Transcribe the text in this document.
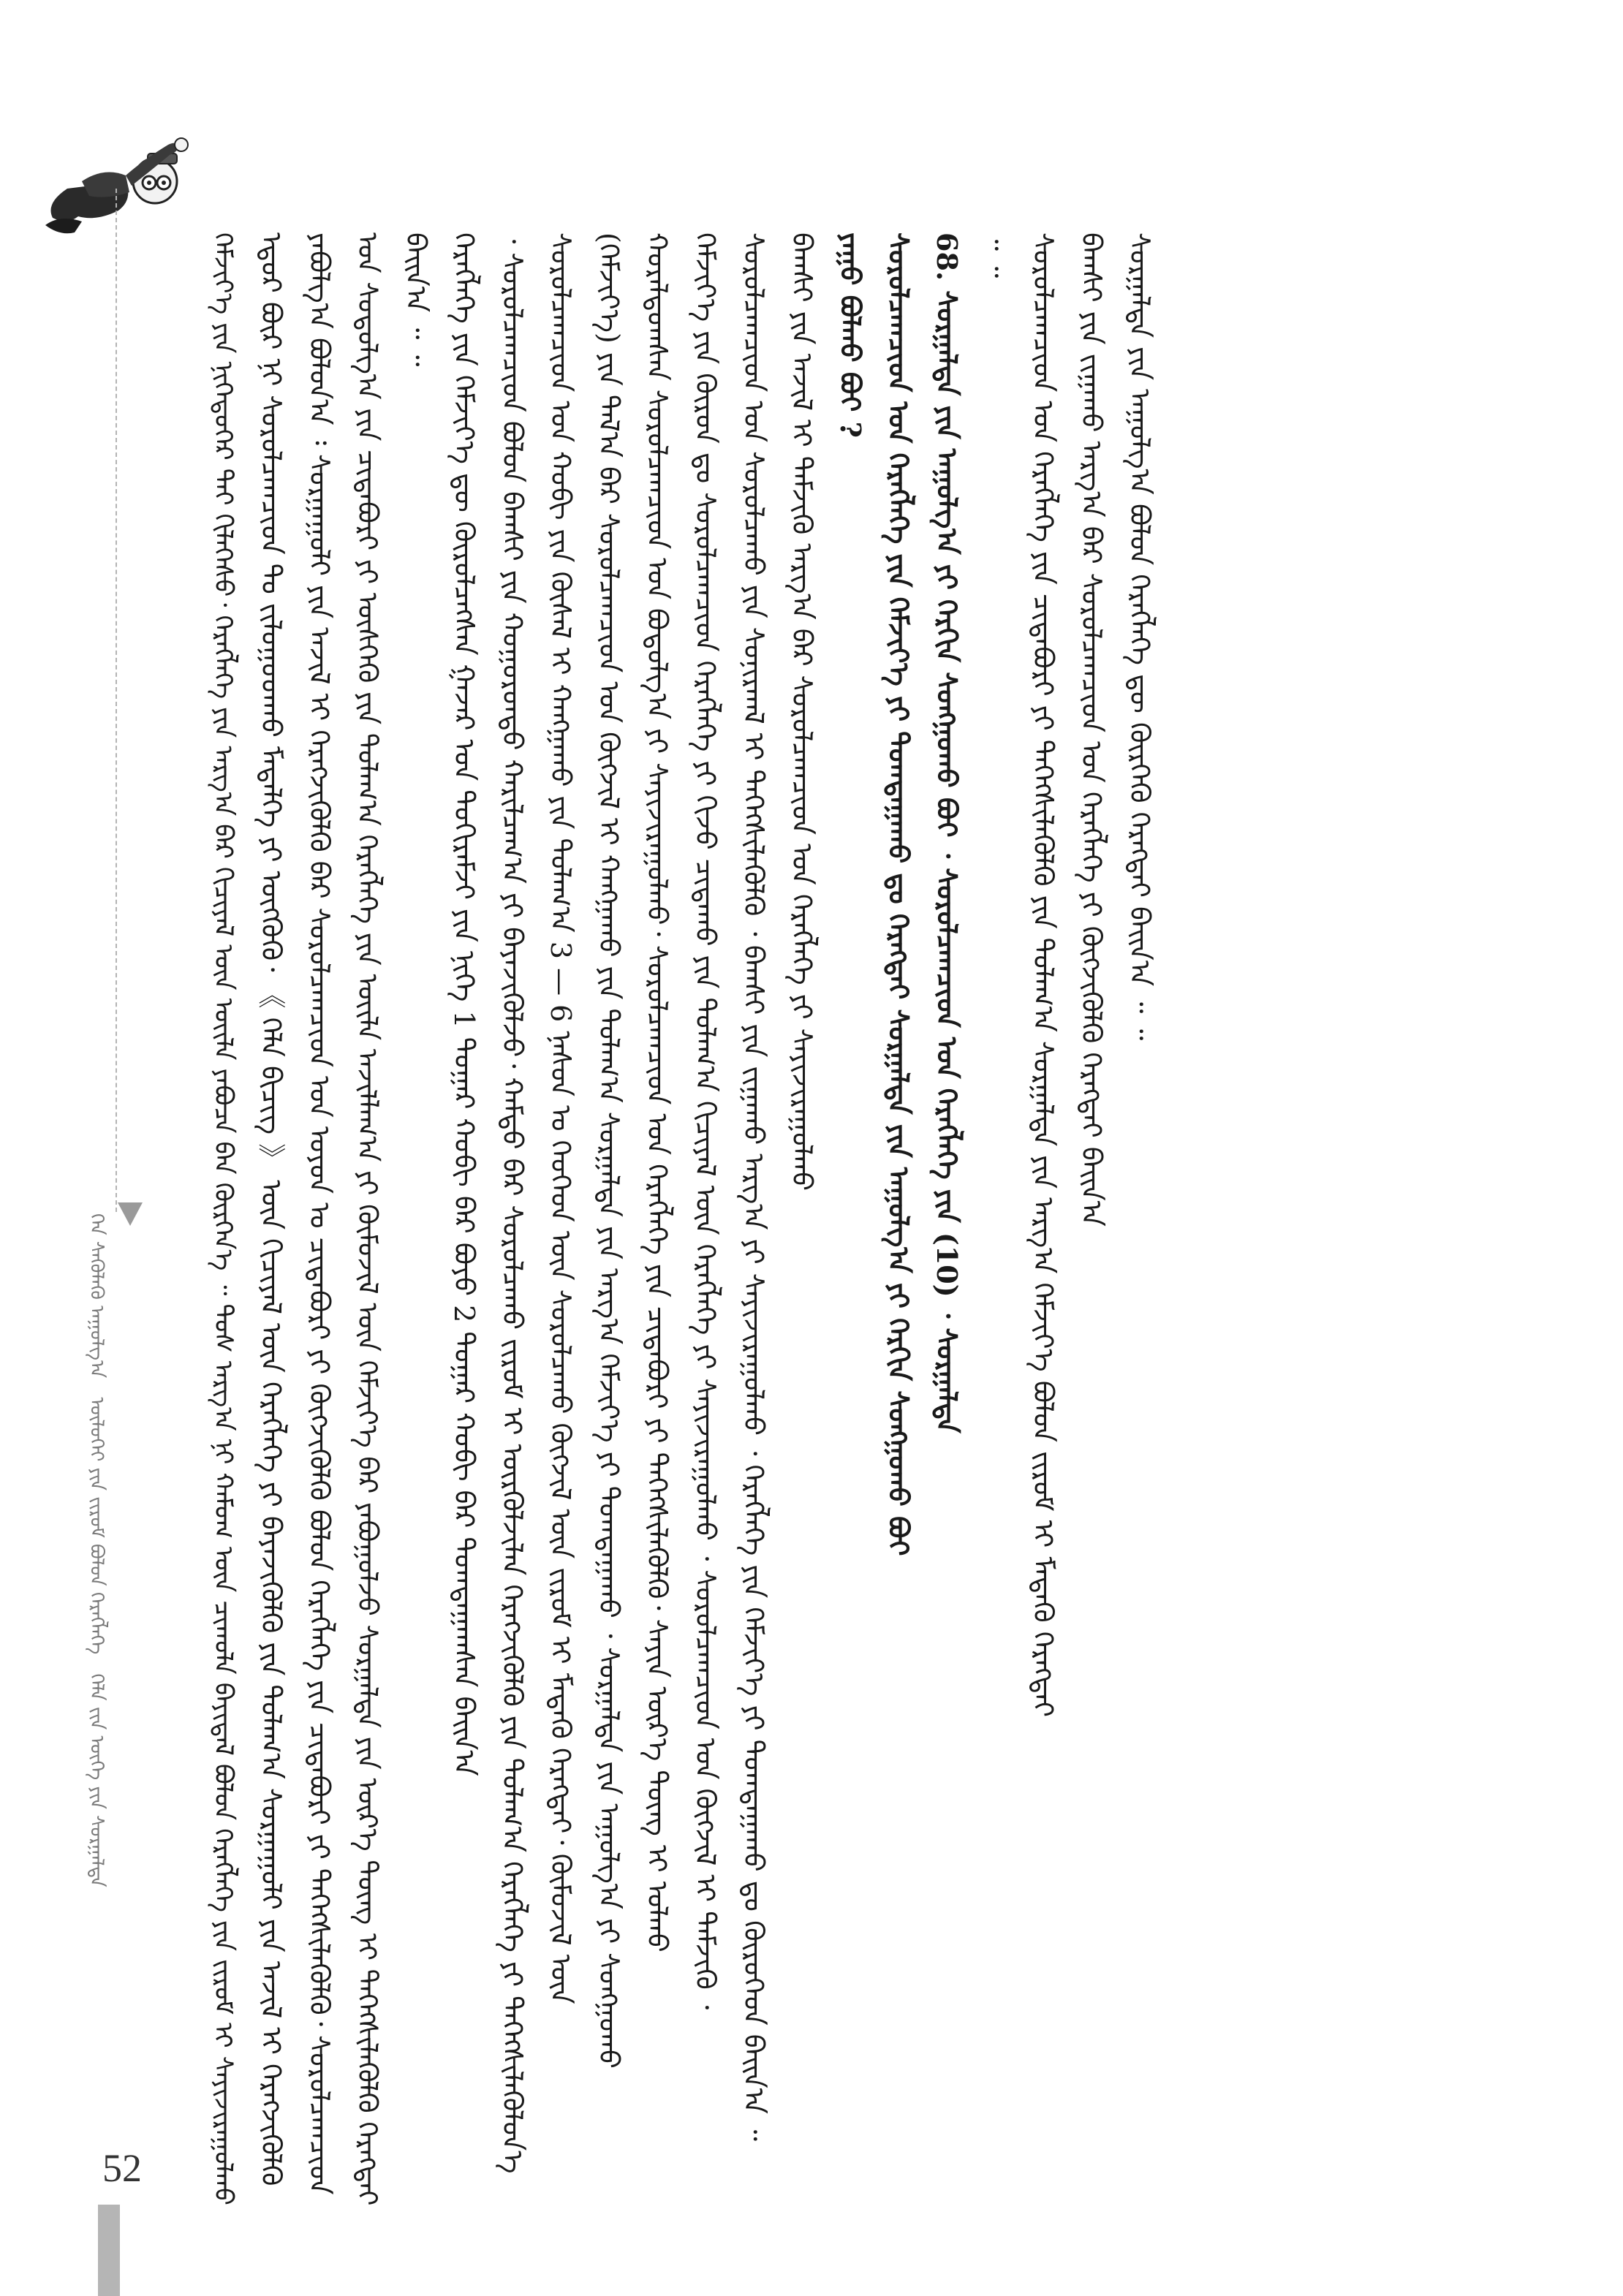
ᠬᠡᠨ ᠰᠡᠬᠦᠯᠡᠬᠦ ᠠᠭᠤᠯᠭ᠎ᠠ ᠥᠯᠦᠭᠡᠢ ᠶᠢᠨ ᠵᠢᠷᠤᠮ ᠪᠤᠯᠤᠨ ᠬᠡᠷᠡᠭᠯᠡᠭᠡ ᠬᠡᠯᠡ ᠵᠢᠨ ᠦᠭᠡ ᠶᠢᠨ ᠰᠤᠷᠭᠠᠯᠳᠠ	ᠬᠡᠮᠵᠢᠶ᠎ᠡ ᠶᠢᠨ ᠨᠢᠭᠡᠳᠦᠭᠡᠷ ᠲᠡᠢ ᠬᠢᠯᠡᠭᠡᠰᠦ᠂ ᠬᠡᠷᠡᠭᠯᠡᠭᠡ ᠶᠢᠨ ᠠᠷᠭ᠎ᠠ ᠪᠠᠷ ᠬᠢᠴᠢᠶᠡᠯ ᠦᠨ ᠦᠢᠯᠡ ᠶᠠᠪᠤᠴᠠ ᠪᠠᠨ ᠬᠦᠷᠭᠡᠨ᠎ᠡ ᠃ ᠲᠤᠰ ᠠᠷᠭ᠎ᠠ ᠨᠢ ᠬᠠᠮᠤᠭ ᠦᠨ ᠴᠢᠬᠤᠯᠠ ᠪᠠᠶᠢᠳᠠᠯ ᠪᠣᠯᠤᠨ ᠬᠡᠷᠡᠭᠯᠡᠭᠡ ᠶᠢᠨ ᠵᠢᠷᠤᠮ ᠢ ᠰᠠᠶᠢᠵᠢᠷᠠᠭᠤᠯᠬᠤ ᠡᠳᠦᠷ ᠪᠦᠷ ᠨᠢ ᠰᠤᠷᠤᠯᠴᠠᠭᠴᠢᠳ ᠲᠤ ᠵᠢᠯᠤᠭᠤᠳᠬᠤ ᠮᠡᠳᠡᠯᠭᠡ ᠶᠢ ᠥᠭᠭᠦᠬᠦ᠂ 《 ᠬᠡᠯᠡ ᠪᠢᠴᠢᠭ 》 ᠦᠨ ᠬᠢᠴᠢᠶᠡᠯ ᠦᠨ ᠬᠡᠷᠡᠭᠯᠡᠭᠡ ᠶᠢ ᠪᠡᠶᠡᠵᠢᠭᠦᠯᠬᠦ ᠶᠢᠨ ᠲᠤᠯᠠᠭ᠎ᠠ ᠰᠤᠷᠭᠠᠭᠤᠯᠢ ᠶᠢᠨ ᠠᠵᠢᠯ ᠢ ᠬᠡᠷᠡᠭᠵᠢᠭᠦᠯᠬᠦ ᠶᠠᠪᠤᠯᠭ᠎ᠠ ᠪᠤᠯᠤᠨ᠎ᠠ ᠄ ᠰᠤᠷᠭᠠᠭᠤᠯᠢ ᠶᠢᠨ ᠠᠵᠢᠯ ᠢ ᠬᠡᠷᠡᠭᠵᠢᠭᠦᠯᠬᠦ ᠪᠡᠷ ᠰᠤᠷᠤᠯᠴᠠᠭᠴᠢᠳ ᠤᠨ ᠤᠶᠤᠨ ᠤ ᠴᠢᠳᠠᠪᠤᠷᠢ ᠶᠢ ᠬᠥᠭᠵᠢᠭᠦᠯᠬᠦ ᠪᠤᠯᠤᠨ ᠬᠡᠷᠡᠭᠯᠡᠭᠡ ᠶᠢᠨ ᠴᠢᠳᠠᠪᠤᠷᠢ ᠶᠢ ᠳᠡᠭᠡᠭᠰᠢᠯᠡᠭᠦᠯᠬᠦ᠂ ᠰᠤᠷᠤᠯᠴᠠᠭᠴᠢᠳ ᠤᠨ ᠰᠤᠳᠤᠯᠭ᠎ᠠ ᠶᠢᠨ ᠴᠢᠳᠠᠪᠤᠷᠢ ᠶᠢ ᠥᠰᠬᠡᠬᠦ ᠶᠢᠨ ᠲᠤᠯᠠᠭ᠎ᠠ ᠬᠡᠷᠡᠭᠯᠡᠭᠡ ᠶᠢᠨ ᠦᠢᠯᠡ ᠠᠵᠢᠯᠯᠠᠭ᠎ᠠ ᠶᠢ ᠬᠦᠮᠦᠵᠢᠯ ᠦᠨ ᠬᠡᠮᠵᠢᠶ᠎ᠡ ᠪᠡᠷ ᠶᠠᠪᠤᠭᠤᠯᠵᠤ ᠰᠤᠷᠭᠠᠯᠳᠠ ᠶᠢᠨ ᠦᠷ᠎ᠡ ᠳᠦᠩ ᠢ ᠳᠡᠭᠡᠭᠰᠢᠯᠡᠭᠦᠯᠬᠦ ᠬᠡᠷᠡᠭᠲᠡᠢ ᠪᠠᠢᠨ᠎ᠠ ᠃ ᠃ ᠬᠡᠷᠡᠭᠯᠡᠭᠡ ᠶᠢᠨ ᠬᠡᠮᠵᠢᠶ᠎ᠡ ᠳᠦ ᠬᠦᠷᠦᠯᠴᠡᠭᠰᠡᠨ ᠭᠠᠵᠠᠷ ᠤᠨ ᠲᠣᠬᠢᠷᠠᠮᠵᠢ ᠶᠢᠨ ᠨᠢᠭᠡ 1 ᠳᠤᠭᠠᠷ ᠬᠤᠪᠢ ᠪᠠᠷ ᠪᠤᠶᠤ 2 ᠳᠤᠭᠠᠷ ᠬᠤᠪᠢ ᠪᠠᠷ ᠲᠣᠭᠲᠠᠭᠠᠭᠰᠠᠨ ᠪᠠᠢᠨ᠎ᠠ ᠂ ᠰᠤᠷᠤᠯᠴᠠᠭᠴᠢᠳ ᠪᠤᠯᠤᠨ ᠪᠠᠭᠰᠢ ᠶᠢᠨ ᠬᠤᠭᠤᠷᠤᠨᠳᠤ ᠬᠠᠷᠢᠯᠴᠠᠭ᠎ᠠ ᠶᠢ ᠪᠡᠶᠡᠵᠢᠭᠦᠯᠵᠦ᠂ ᠬᠠᠮᠲᠤ ᠪᠡᠷ ᠰᠤᠷᠤᠯᠴᠠᠬᠤ ᠵᠢᠷᠤᠮ ᠢ ᠦᠷᠭᠦᠯᠵᠢᠯᠡᠨ ᠬᠡᠷᠡᠭᠵᠢᠭᠦᠯᠬᠦ ᠶᠢᠨ ᠲᠤᠯᠠᠭ᠎ᠠ ᠬᠡᠷᠡᠭᠯᠡᠭᠡ ᠶᠢ ᠳᠡᠭᠡᠭᠰᠢᠯᠡᠭᠦᠯᠦᠨ᠎ᠡ ᠰᠤᠷᠤᠯᠴᠠᠭᠴᠢᠳ ᠤᠨ ᠬᠤᠪᠢ ᠶᠢᠨ ᠬᠦᠰᠡᠯ ᠢ ᠬᠠᠩᠭᠠᠬᠤ ᠶᠢᠨ ᠲᠤᠯᠠᠭ᠎ᠠ 3 — 6 ᠨᠠᠰᠤᠨ ᠤ ᠬᠡᠦᠬᠡᠳ ᠦᠨ ᠰᠤᠷᠤᠯᠴᠠᠬᠤ ᠬᠥᠭᠵᠢᠯ ᠦᠨ ᠵᠢᠷᠤᠮ ᠢ ᠮᠡᠳᠡᠬᠦ ᠬᠡᠷᠡᠭᠲᠡᠢ᠂ ᠬᠦᠮᠦᠵᠢᠯ ᠦᠨ (ᠬᠡᠮᠵᠢᠶ᠎ᠡ) ᠶᠢᠨ ᠲᠠᠯ᠎ᠠ ᠪᠠᠷ ᠰᠤᠷᠤᠯᠴᠠᠭᠴᠢᠳ ᠤᠨ ᠬᠥᠭᠵᠢᠯ ᠢ ᠬᠠᠩᠭᠠᠬᠤ ᠶᠢᠨ ᠲᠤᠯᠠᠭ᠎ᠠ ᠰᠤᠷᠭᠠᠯᠳᠠ ᠶᠢᠨ ᠠᠷᠭ᠎ᠠ ᠬᠡᠮᠵᠢᠶ᠎ᠡ ᠶᠢ ᠲᠣᠭᠲᠠᠭᠠᠬᠤ ᠂ ᠰᠤᠷᠭᠠᠯᠳᠠ ᠶᠢᠨ ᠠᠭᠤᠯᠭ᠎ᠠ ᠶᠢ ᠰᠣᠩᠭᠣᠬᠤ ᠬᠤᠷᠠᠯᠳᠤᠭᠰᠠᠨ ᠰᠤᠷᠤᠯᠴᠠᠭᠴᠢᠳ ᠤᠨ ᠪᠣᠳᠤᠯᠭ᠎ᠠ ᠶᠢ ᠰᠠᠶᠢᠵᠢᠷᠠᠭᠤᠯᠬᠤ᠂ ᠰᠤᠷᠤᠯᠴᠠᠭᠴᠢᠳ ᠤᠨ ᠬᠡᠷᠡᠭᠯᠡᠭᠡ ᠶᠢᠨ ᠴᠢᠳᠠᠪᠤᠷᠢ ᠶᠢ ᠳᠡᠭᠡᠭᠰᠢᠯᠡᠭᠦᠯᠬᠦ᠂ ᠰᠠᠶᠢᠨ ᠦᠷ᠎ᠡ ᠳᠦᠩ ᠢ ᠣᠯᠬᠤ ᠬᠡᠮᠵᠢᠶ᠎ᠡ ᠶᠢᠨ ᠬᠦᠷᠦᠨ ᠳᠤ ᠰᠤᠷᠤᠯᠴᠠᠭᠴᠢᠳ ᠬᠡᠷᠡᠭᠯᠡᠭᠡ ᠶᠢ ᠬᠢᠵᠦ ᠴᠢᠳᠠᠬᠤ ᠶᠢᠨ ᠲᠤᠯᠠᠭ᠎ᠠ ᠬᠢᠴᠢᠶᠡᠯ ᠦᠨ ᠬᠡᠷᠡᠭᠯᠡᠭᠡ ᠶᠢ ᠰᠠᠶᠢᠵᠢᠷᠠᠭᠤᠯᠬᠤ ᠂ ᠰᠤᠷᠤᠯᠴᠠᠭᠴᠢᠳ ᠤᠨ ᠬᠥᠭᠵᠢᠯ ᠢ ᠳᠡᠮᠵᠢᠬᠦ ᠂ ᠰᠤᠷᠤᠯᠴᠠᠭᠴᠢᠳ ᠤᠨ ᠰᠤᠷᠤᠯᠴᠠᠬᠤ ᠶᠢᠨ ᠰᠣᠨᠢᠷᠬᠠᠯ ᠢ ᠳᠡᠭᠡᠭᠰᠢᠯᠡᠭᠦᠯᠬᠦ ᠂ ᠪᠠᠭᠰᠢ ᠶᠢᠨ ᠵᠢᠭᠠᠬᠤ ᠠᠷᠭ᠎ᠠ ᠶᠢ ᠰᠠᠶᠢᠵᠢᠷᠠᠭᠤᠯᠬᠤ ᠂ ᠬᠡᠷᠡᠭᠯᠡᠭᠡ ᠶᠢᠨ ᠬᠡᠮᠵᠢᠶ᠎ᠡ ᠶᠢ ᠲᠣᠭᠲᠠᠭᠠᠬᠤ ᠳᠤ ᠬᠦᠷᠦᠭᠡᠳ ᠪᠠᠢᠨ᠎ᠠ ᠃ ᠪᠠᠭᠰᠢ ᠶᠢᠨ ᠠᠵᠢᠯ ᠢ ᠳᠡᠮᠵᠢᠬᠦ ᠠᠷᠭ᠎ᠠ ᠪᠠᠷ ᠰᠤᠷᠤᠯᠴᠠᠭᠴᠢᠳ ᠤᠨ ᠬᠡᠷᠡᠭᠯᠡᠭᠡ ᠶᠢ ᠰᠠᠶᠢᠵᠢᠷᠠᠭᠤᠯᠬᠤ ᠶᠠᠭᠤ ᠪᠣᠯᠬᠤ ᠪᠤᠢ ? ᠰᠤᠷᠤᠯᠴᠠᠭᠴᠢᠳ ᠤᠨ ᠬᠡᠷᠡᠭᠯᠡᠭᠡ ᠶᠢᠨ ᠬᠡᠮᠵᠢᠶ᠎ᠡ ᠶᠢ ᠲᠣᠭᠲᠠᠭᠠᠬᠤ ᠳᠤ ᠬᠡᠷᠡᠭᠲᠡᠢ ᠰᠤᠷᠭᠠᠯᠳᠠ ᠶᠢᠨ ᠠᠭᠤᠯᠭ᠎ᠠ ᠶᠢ ᠬᠡᠷᠬᠢᠨ ᠰᠣᠩᠭᠣᠬᠤ ᠪᠤᠢ 68. ᠰᠤᠷᠭᠠᠯᠳᠠ ᠶᠢᠨ ᠠᠭᠤᠯᠭ᠎ᠠ ᠶᠢ ᠬᠡᠷᠬᠢᠨ ᠰᠣᠩᠭᠣᠬᠤ ᠪᠤᠢ ᠂ ᠰᠤᠷᠤᠯᠴᠠᠭᠴᠢᠳ ᠤᠨ ᠬᠡᠷᠡᠭᠯᠡᠭᠡ ᠶᠢᠨ (10) ᠂ ᠰᠤᠷᠭᠠᠯᠳᠠ ᠃ ᠃ ᠰᠤᠷᠤᠯᠴᠠᠭᠴᠢᠳ ᠤᠨ ᠬᠡᠷᠡᠭᠯᠡᠭᠡ ᠶᠢᠨ ᠴᠢᠳᠠᠪᠤᠷᠢ ᠶᠢ ᠳᠡᠭᠡᠭᠰᠢᠯᠡᠭᠦᠯᠬᠦ ᠶᠢᠨ ᠲᠤᠯᠠᠭ᠎ᠠ ᠰᠤᠷᠭᠠᠯᠳᠠ ᠶᠢᠨ ᠠᠷᠭ᠎ᠠ ᠬᠡᠮᠵᠢᠶ᠎ᠡ ᠪᠤᠯᠤᠨ ᠵᠢᠷᠤᠮ ᠢ ᠮᠡᠳᠡᠬᠦ ᠬᠡᠷᠡᠭᠲᠡᠢ ᠪᠠᠭᠰᠢ ᠶᠢᠨ ᠵᠢᠭᠠᠬᠤ ᠠᠷᠭ᠎ᠠ ᠪᠠᠷ ᠰᠤᠷᠤᠯᠴᠠᠭᠴᠢᠳ ᠤᠨ ᠬᠡᠷᠡᠭᠯᠡᠭᠡ ᠶᠢ ᠬᠥᠭᠵᠢᠭᠦᠯᠬᠦ ᠬᠡᠷᠡᠭᠲᠡᠢ ᠪᠠᠢᠨ᠎ᠠ ᠰᠤᠷᠭᠠᠯᠳᠠ ᠶᠢᠨ ᠠᠭᠤᠯᠭ᠎ᠠ ᠪᠣᠯᠤᠨ ᠬᠡᠷᠡᠭᠯᠡᠭᠡ ᠳᠦ ᠬᠦᠷᠭᠡᠬᠦ ᠬᠡᠷᠡᠭᠲᠡᠢ ᠪᠠᠢᠨ᠎ᠠ ᠃ ᠃
52
